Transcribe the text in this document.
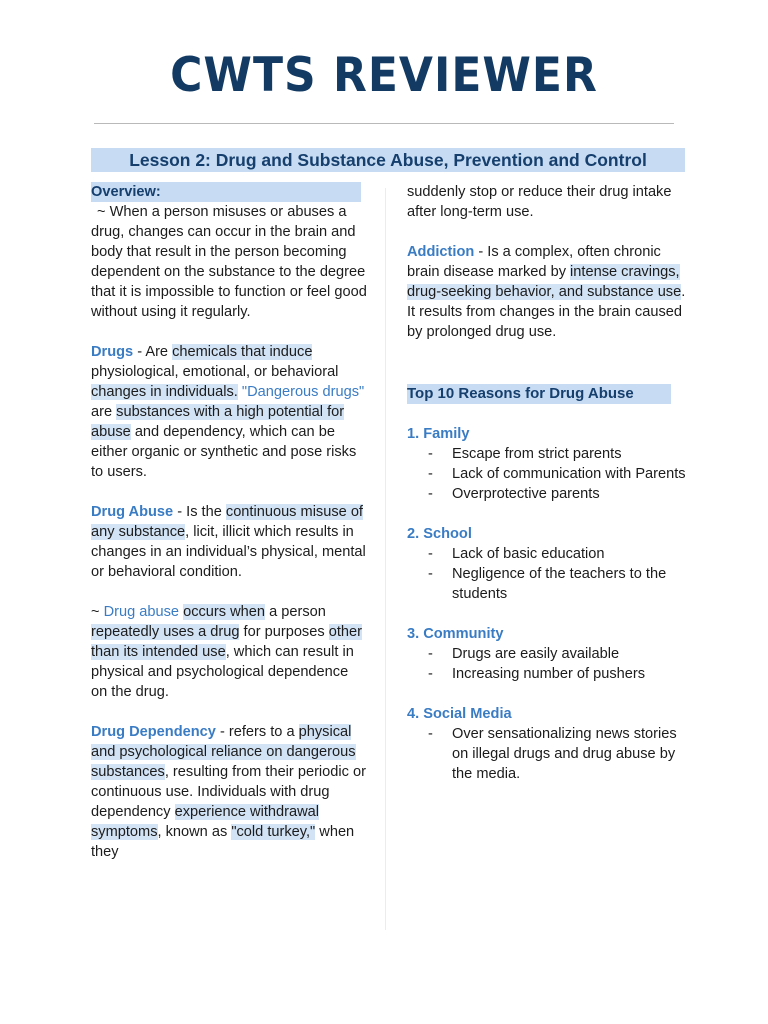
CWTS REVIEWER
Lesson 2: Drug and Substance Abuse, Prevention and Control
Overview:

~ When a person misuses or abuses a drug, changes can occur in the brain and body that result in the person becoming dependent on the substance to the degree that it is impossible to function or feel good without using it regularly.

Drugs - Are chemicals that induce physiological, emotional, or behavioral changes in individuals. "Dangerous drugs" are substances with a high potential for abuse and dependency, which can be either organic or synthetic and pose risks to users.

Drug Abuse - Is the continuous misuse of any substance, licit, illicit which results in changes in an individual’s physical, mental or behavioral condition.

~ Drug abuse occurs when a person repeatedly uses a drug for purposes other than its intended use, which can result in physical and psychological dependence on the drug.

Drug Dependency - refers to a physical and psychological reliance on dangerous substances, resulting from their periodic or continuous use. Individuals with drug dependency experience withdrawal symptoms, known as "cold turkey," when they

suddenly stop or reduce their drug intake after long-term use.

Addiction - Is a complex, often chronic brain disease marked by intense cravings, drug-seeking behavior, and substance use. It results from changes in the brain caused by prolonged drug use.

Top 10 Reasons for Drug Abuse
1. Family
- Escape from strict parents
- Lack of communication with Parents
- Overprotective parents
2. School
- Lack of basic education
- Negligence of the teachers to the students
3. Community
- Drugs are easily available
- Increasing number of pushers
4. Social Media
- Over sensationalizing news stories on illegal drugs and drug abuse by the media.
